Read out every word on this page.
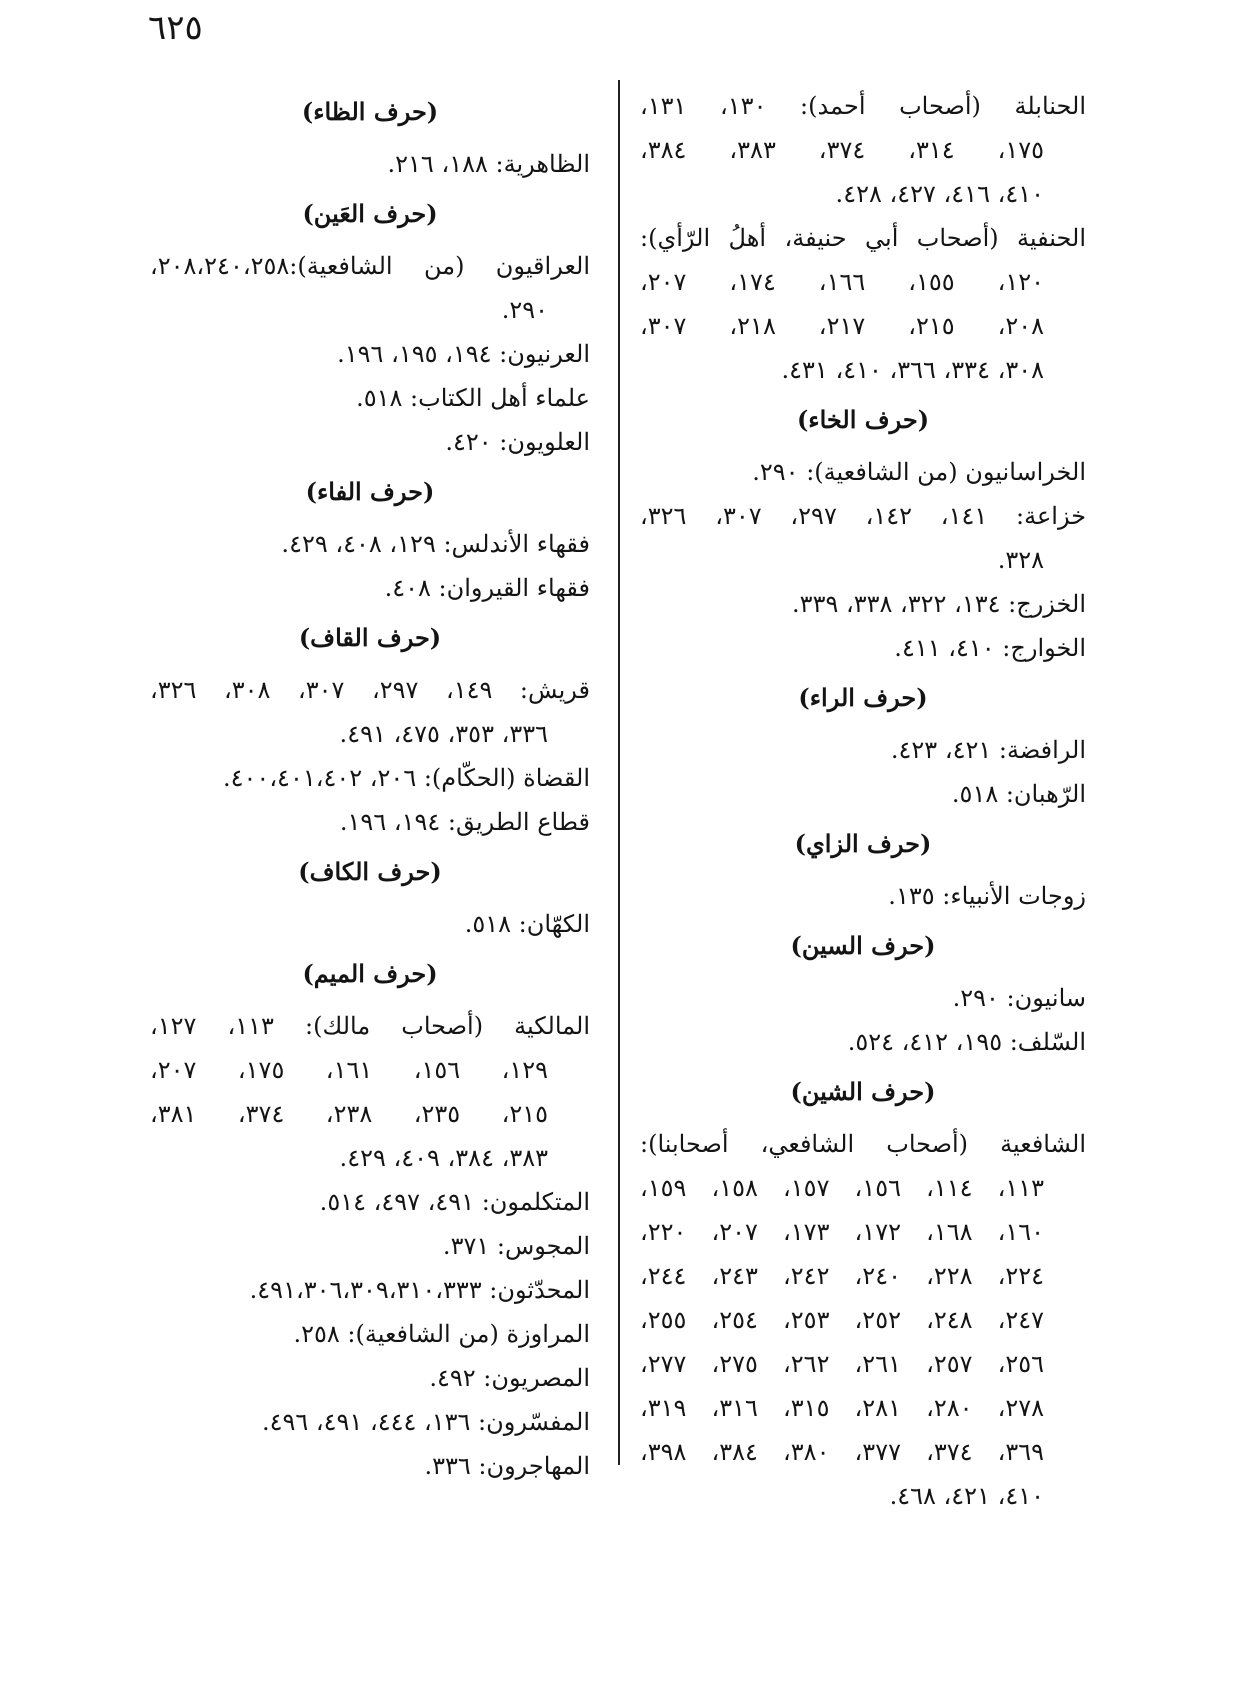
٦٢٥
الحنابلة (أصحاب أحمد): ١٣٠، ١٣١،
١٧٥، ٣١٤، ٣٧٤، ٣٨٣، ٣٨٤،
٤١٠، ٤١٦، ٤٢٧، ٤٢٨.
الحنفية (أصحاب أبي حنيفة، أهلُ الرّأي):
١٢٠، ١٥٥، ١٦٦، ١٧٤، ٢٠٧،
٢٠٨، ٢١٥، ٢١٧، ٢١٨، ٣٠٧،
٣٠٨، ٣٣٤، ٣٦٦، ٤١٠، ٤٣١.
(حرف الخاء)
الخراسانيون (من الشافعية): ٢٩٠.
خزاعة: ١٤١، ١٤٢، ٢٩٧، ٣٠٧، ٣٢٦،
٣٢٨.
الخزرج: ١٣٤، ٣٢٢، ٣٣٨، ٣٣٩.
الخوارج: ٤١٠، ٤١١.
(حرف الراء)
الرافضة: ٤٢١، ٤٢٣.
الرّهبان: ٥١٨.
(حرف الزاي)
زوجات الأنبياء: ١٣٥.
(حرف السين)
سانيون: ٢٩٠.
السّلف: ١٩٥، ٤١٢، ٥٢٤.
(حرف الشين)
الشافعية (أصحاب الشافعي، أصحابنا):
١١٣، ١١٤، ١٥٦، ١٥٧، ١٥٨، ١٥٩،
١٦٠، ١٦٨، ١٧٢، ١٧٣، ٢٠٧، ٢٢٠،
٢٢٤، ٢٢٨، ٢٤٠، ٢٤٢، ٢٤٣، ٢٤٤،
٢٤٧، ٢٤٨، ٢٥٢، ٢٥٣، ٢٥٤، ٢٥٥،
٢٥٦، ٢٥٧، ٢٦١، ٢٦٢، ٢٧٥، ٢٧٧،
٢٧٨، ٢٨٠، ٢٨١، ٣١٥، ٣١٦، ٣١٩،
٣٦٩، ٣٧٤، ٣٧٧، ٣٨٠، ٣٨٤، ٣٩٨،
٤١٠، ٤٢١، ٤٦٨.
(حرف الظاء)
الظاهرية: ١٨٨، ٢١٦.
(حرف العَين)
العراقيون (من الشافعية):٢٠٨،٢٤٠،٢٥٨،
٢٩٠.
العرنيون: ١٩٤، ١٩٥، ١٩٦.
علماء أهل الكتاب: ٥١٨.
العلويون: ٤٢٠.
(حرف الفاء)
فقهاء الأندلس: ١٢٩، ٤٠٨، ٤٢٩.
فقهاء القيروان: ٤٠٨.
(حرف القاف)
قريش: ١٤٩، ٢٩٧، ٣٠٧، ٣٠٨، ٣٢٦،
٣٣٦، ٣٥٣، ٤٧٥، ٤٩١.
القضاة (الحكّام): ٢٠٦، ٤٠٠،٤٠١،٤٠٢.
قطاع الطريق: ١٩٤، ١٩٦.
(حرف الكاف)
الكهّان: ٥١٨.
(حرف الميم)
المالكية (أصحاب مالك): ١١٣، ١٢٧،
١٢٩، ١٥٦، ١٦١، ١٧٥، ٢٠٧،
٢١٥، ٢٣٥، ٢٣٨، ٣٧٤، ٣٨١،
٣٨٣، ٣٨٤، ٤٠٩، ٤٢٩.
المتكلمون: ٤٩١، ٤٩٧، ٥١٤.
المجوس: ٣٧١.
المحدّثون: ٤٩١،٣٠٦،٣٠٩،٣١٠،٣٣٣.
المراوزة (من الشافعية): ٢٥٨.
المصريون: ٤٩٢.
المفسّرون: ١٣٦، ٤٤٤، ٤٩١، ٤٩٦.
المهاجرون: ٣٣٦.
